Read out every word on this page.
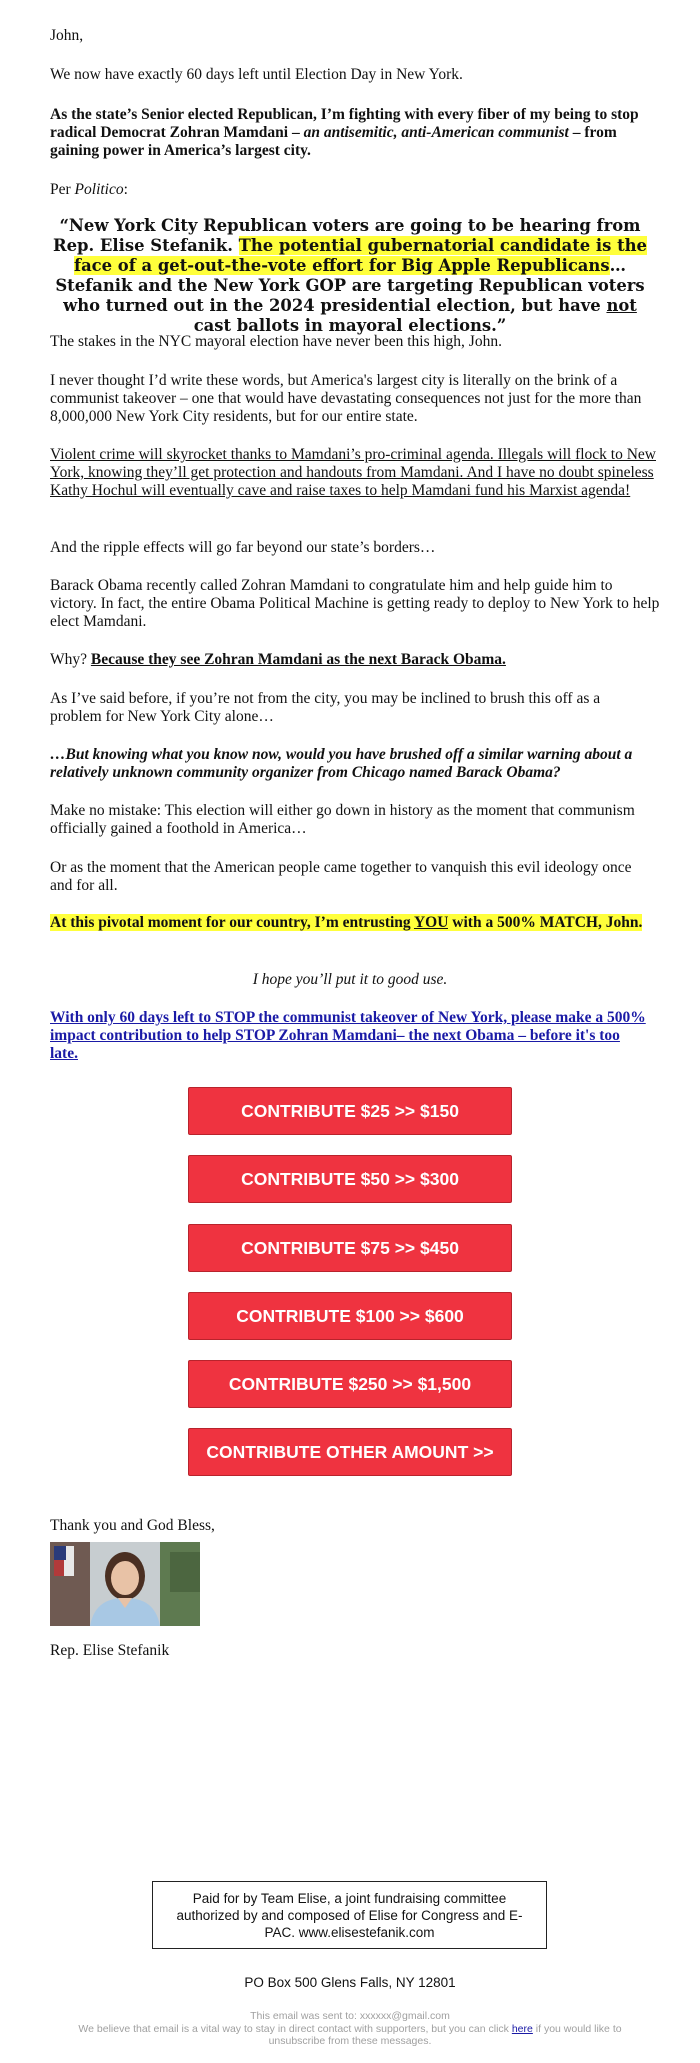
John,

We now have exactly 60 days left until Election Day in New York.

As the state’s Senior elected Republican, I’m fighting with every fiber of my being to stop radical Democrat Zohran Mamdani – an antisemitic, anti-American communist – from gaining power in America’s largest city.

Per Politico:

“New York City Republican voters are going to be hearing from Rep. Elise Stefanik. The potential gubernatorial candidate is the face of a get-out-the-vote effort for Big Apple Republicans… Stefanik and the New York GOP are targeting Republican voters who turned out in the 2024 presidential election, but have not cast ballots in mayoral elections.”

The stakes in the NYC mayoral election have never been this high, John.

I never thought I’d write these words, but America's largest city is literally on the brink of a communist takeover – one that would have devastating consequences not just for the more than 8,000,000 New York City residents, but for our entire state.

Violent crime will skyrocket thanks to Mamdani’s pro-criminal agenda. Illegals will flock to New York, knowing they’ll get protection and handouts from Mamdani. And I have no doubt spineless Kathy Hochul will eventually cave and raise taxes to help Mamdani fund his Marxist agenda!

And the ripple effects will go far beyond our state’s borders…

Barack Obama recently called Zohran Mamdani to congratulate him and help guide him to victory. In fact, the entire Obama Political Machine is getting ready to deploy to New York to help elect Mamdani.

Why? Because they see Zohran Mamdani as the next Barack Obama.

As I’ve said before, if you’re not from the city, you may be inclined to brush this off as a problem for New York City alone…

…But knowing what you know now, would you have brushed off a similar warning about a relatively unknown community organizer from Chicago named Barack Obama?

Make no mistake: This election will either go down in history as the moment that communism officially gained a foothold in America…

Or as the moment that the American people came together to vanquish this evil ideology once and for all.

At this pivotal moment for our country, I’m entrusting YOU with a 500% MATCH, John.

I hope you’ll put it to good use.

With only 60 days left to STOP the communist takeover of New York, please make a 500% impact contribution to help STOP Zohran Mamdani– the next Obama – before it's too late.

CONTRIBUTE $25 >> $150
CONTRIBUTE $50 >> $300
CONTRIBUTE $75 >> $450
CONTRIBUTE $100 >> $600
CONTRIBUTE $250 >> $1,500
CONTRIBUTE OTHER AMOUNT >>

Thank you and God Bless,

Rep. Elise Stefanik

Paid for by Team Elise, a joint fundraising committee authorized by and composed of Elise for Congress and E-PAC. www.elisestefanik.com
PO Box 500 Glens Falls, NY 12801
This email was sent to: xxxxxx@gmail.com
We believe that email is a vital way to stay in direct contact with supporters, but you can click here if you would like to unsubscribe from these messages.
